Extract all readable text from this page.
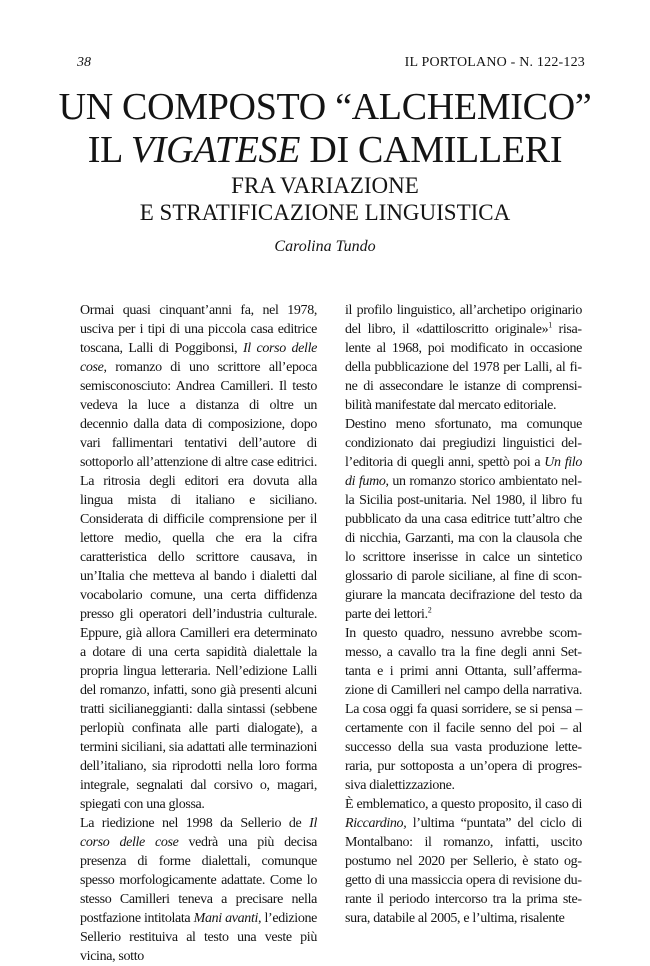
38	IL PORTOLANO - N. 122-123
UN COMPOSTO “ALCHEMICO”
IL VIGATESE DI CAMILLERI
FRA VARIAZIONE
E STRATIFICAZIONE LINGUISTICA
Carolina Tundo

Ormai quasi cinquant’anni fa, nel 1978, usciva per i tipi di una piccola casa editrice toscana, Lalli di Poggibonsi, Il corso delle cose, romanzo di uno scrittore all’epoca semisconosciuto: Andrea Camilleri. Il testo vedeva la luce a distanza di oltre un decennio dalla data di composizione, dopo vari fallimentari tentativi dell’autore di sottoporlo all’attenzione di altre case editrici. La ritrosia degli editori era dovuta alla lingua mista di italiano e siciliano. Considerata di difficile comprensione per il lettore medio, quella che era la cifra caratteristica dello scrittore causava, in un’Italia che metteva al bando i dialetti dal vocabolario comune, una certa diffidenza presso gli operatori dell’industria culturale. Eppure, già allora Camilleri era determinato a dotare di una certa sapidità dialettale la propria lingua letteraria. Nell’edizione Lalli del romanzo, infatti, sono già presenti alcuni tratti sicilianeggianti: dalla sintassi (sebbene perlopiù confinata alle parti dialogate), a termini siciliani, sia adattati alle terminazioni dell’italiano, sia riprodotti nella loro forma integrale, segnalati dal corsivo o, magari, spiegati con una glossa.

La riedizione nel 1998 da Sellerio de Il corso delle cose vedrà una più decisa presenza di forme dialettali, comunque spesso morfologicamente adattate. Come lo stesso Camilleri teneva a precisare nella postfazione intitolata Mani avanti, l’edizione Sellerio restituiva al testo una veste più vicina, sotto

il profilo linguistico, all’archetipo originario del libro, il «dattiloscritto originale»$^1$ risalente al 1968, poi modificato in occasione della pubblicazione del 1978 per Lalli, al fine di assecondare le istanze di comprensibilità manifestate dal mercato editoriale.

Destino meno sfortunato, ma comunque condizionato dai pregiudizi linguistici dell’editoria di quegli anni, spettò poi a Un filo di fumo, un romanzo storico ambientato nella Sicilia post-unitaria. Nel 1980, il libro fu pubblicato da una casa editrice tutt’altro che di nicchia, Garzanti, ma con la clausola che lo scrittore inserisse in calce un sintetico glossario di parole siciliane, al fine di scongiurare la mancata decifrazione del testo da parte dei lettori.$^2$

In questo quadro, nessuno avrebbe scommesso, a cavallo tra la fine degli anni Settanta e i primi anni Ottanta, sull’affermazione di Camilleri nel campo della narrativa. La cosa oggi fa quasi sorridere, se si pensa – certamente con il facile senno del poi – al successo della sua vasta produzione letteraria, pur sottoposta a un’opera di progressiva dialettizzazione.

È emblematico, a questo proposito, il caso di Riccardino, l’ultima “puntata” del ciclo di Montalbano: il romanzo, infatti, uscito postumo nel 2020 per Sellerio, è stato oggetto di una massiccia opera di revisione durante il periodo intercorso tra la prima stesura, databile al 2005, e l’ultima, risalente
